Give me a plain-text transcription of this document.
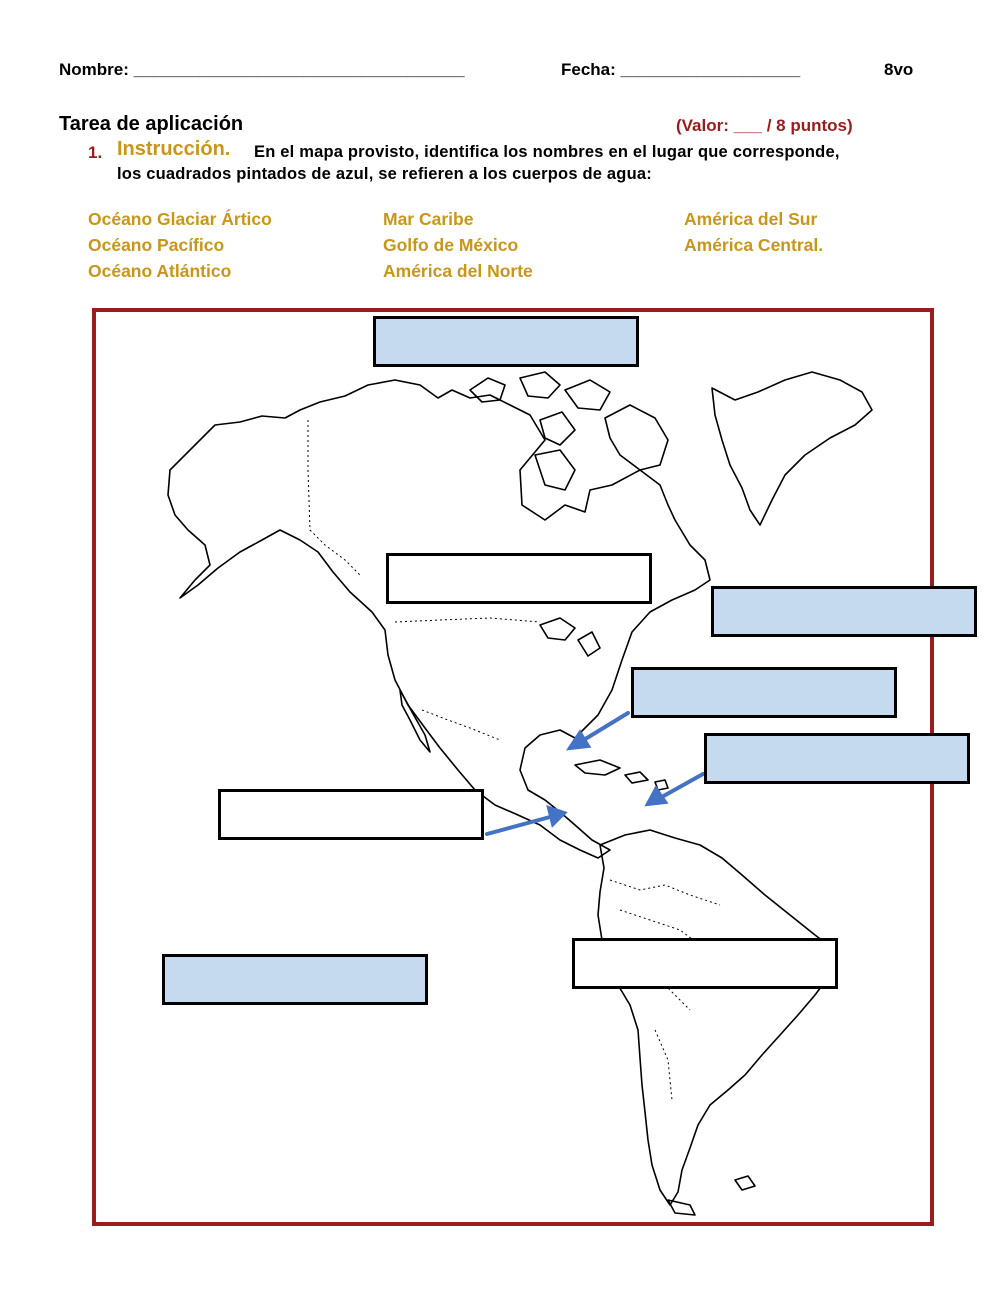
Nombre: ___________________________________	Fecha: ___________________	8vo
Tarea de aplicación	(Valor: ___ / 8 puntos)
1. Instrucción. En el mapa provisto, identifica los nombres en el lugar que corresponde,
los cuadrados pintados de azul, se refieren a los cuerpos de agua:
Océano Glaciar Ártico
Océano Pacífico
Océano Atlántico
Mar Caribe
Golfo de México
América del Norte
América del Sur
América Central.
